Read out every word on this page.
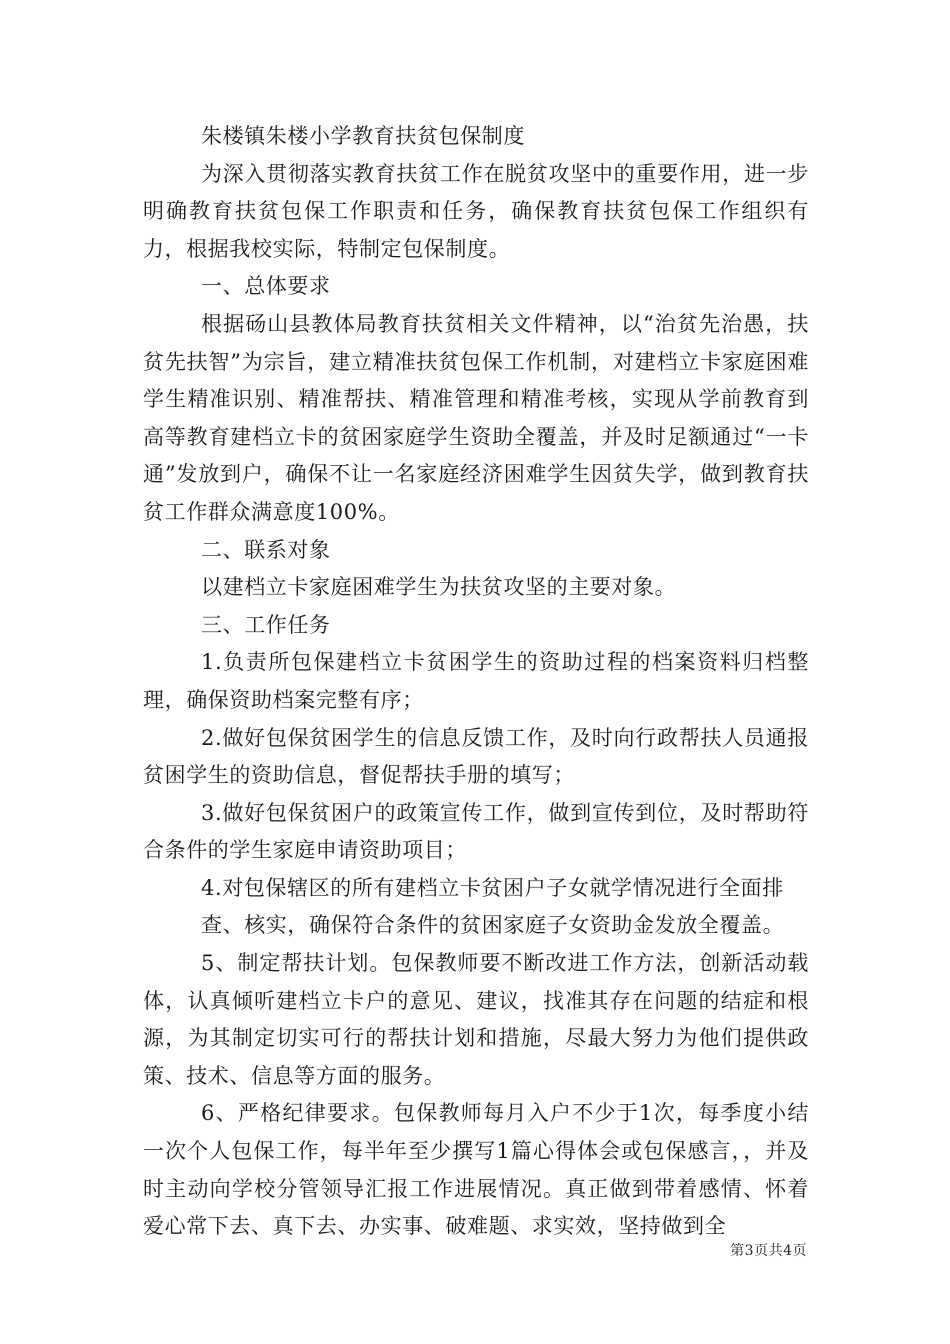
朱楼镇朱楼小学教育扶贫包保制度

为深入贯彻落实教育扶贫工作在脱贫攻坚中的重要作用，进一步明确教育扶贫包保工作职责和任务，确保教育扶贫包保工作组织有力，根据我校实际，特制定包保制度。

一、总体要求

根据砀山县教体局教育扶贫相关文件精神，以“治贫先治愚，扶贫先扶智”为宗旨，建立精准扶贫包保工作机制，对建档立卡家庭困难学生精准识别、精准帮扶、精准管理和精准考核，实现从学前教育到高等教育建档立卡的贫困家庭学生资助全覆盖，并及时足额通过“一卡通”发放到户，确保不让一名家庭经济困难学生因贫失学，做到教育扶贫工作群众满意度100%。

二、联系对象

以建档立卡家庭困难学生为扶贫攻坚的主要对象。

三、工作任务

1.负责所包保建档立卡贫困学生的资助过程的档案资料归档整理，确保资助档案完整有序；

2.做好包保贫困学生的信息反馈工作，及时向行政帮扶人员通报贫困学生的资助信息，督促帮扶手册的填写；

3.做好包保贫困户的政策宣传工作，做到宣传到位，及时帮助符合条件的学生家庭申请资助项目；

4.对包保辖区的所有建档立卡贫困户子女就学情况进行全面排

查、核实，确保符合条件的贫困家庭子女资助金发放全覆盖。

5、制定帮扶计划。包保教师要不断改进工作方法，创新活动载体，认真倾听建档立卡户的意见、建议，找准其存在问题的结症和根源，为其制定切实可行的帮扶计划和措施，尽最大努力为他们提供政策、技术、信息等方面的服务。

6、严格纪律要求。包保教师每月入户不少于1次，每季度小结一次个人包保工作，每半年至少撰写1篇心得体会或包保感言，，并及时主动向学校分管领导汇报工作进展情况。真正做到带着感情、怀着爱心常下去、真下去、办实事、破难题、求实效，坚持做到全

第3页共4页
